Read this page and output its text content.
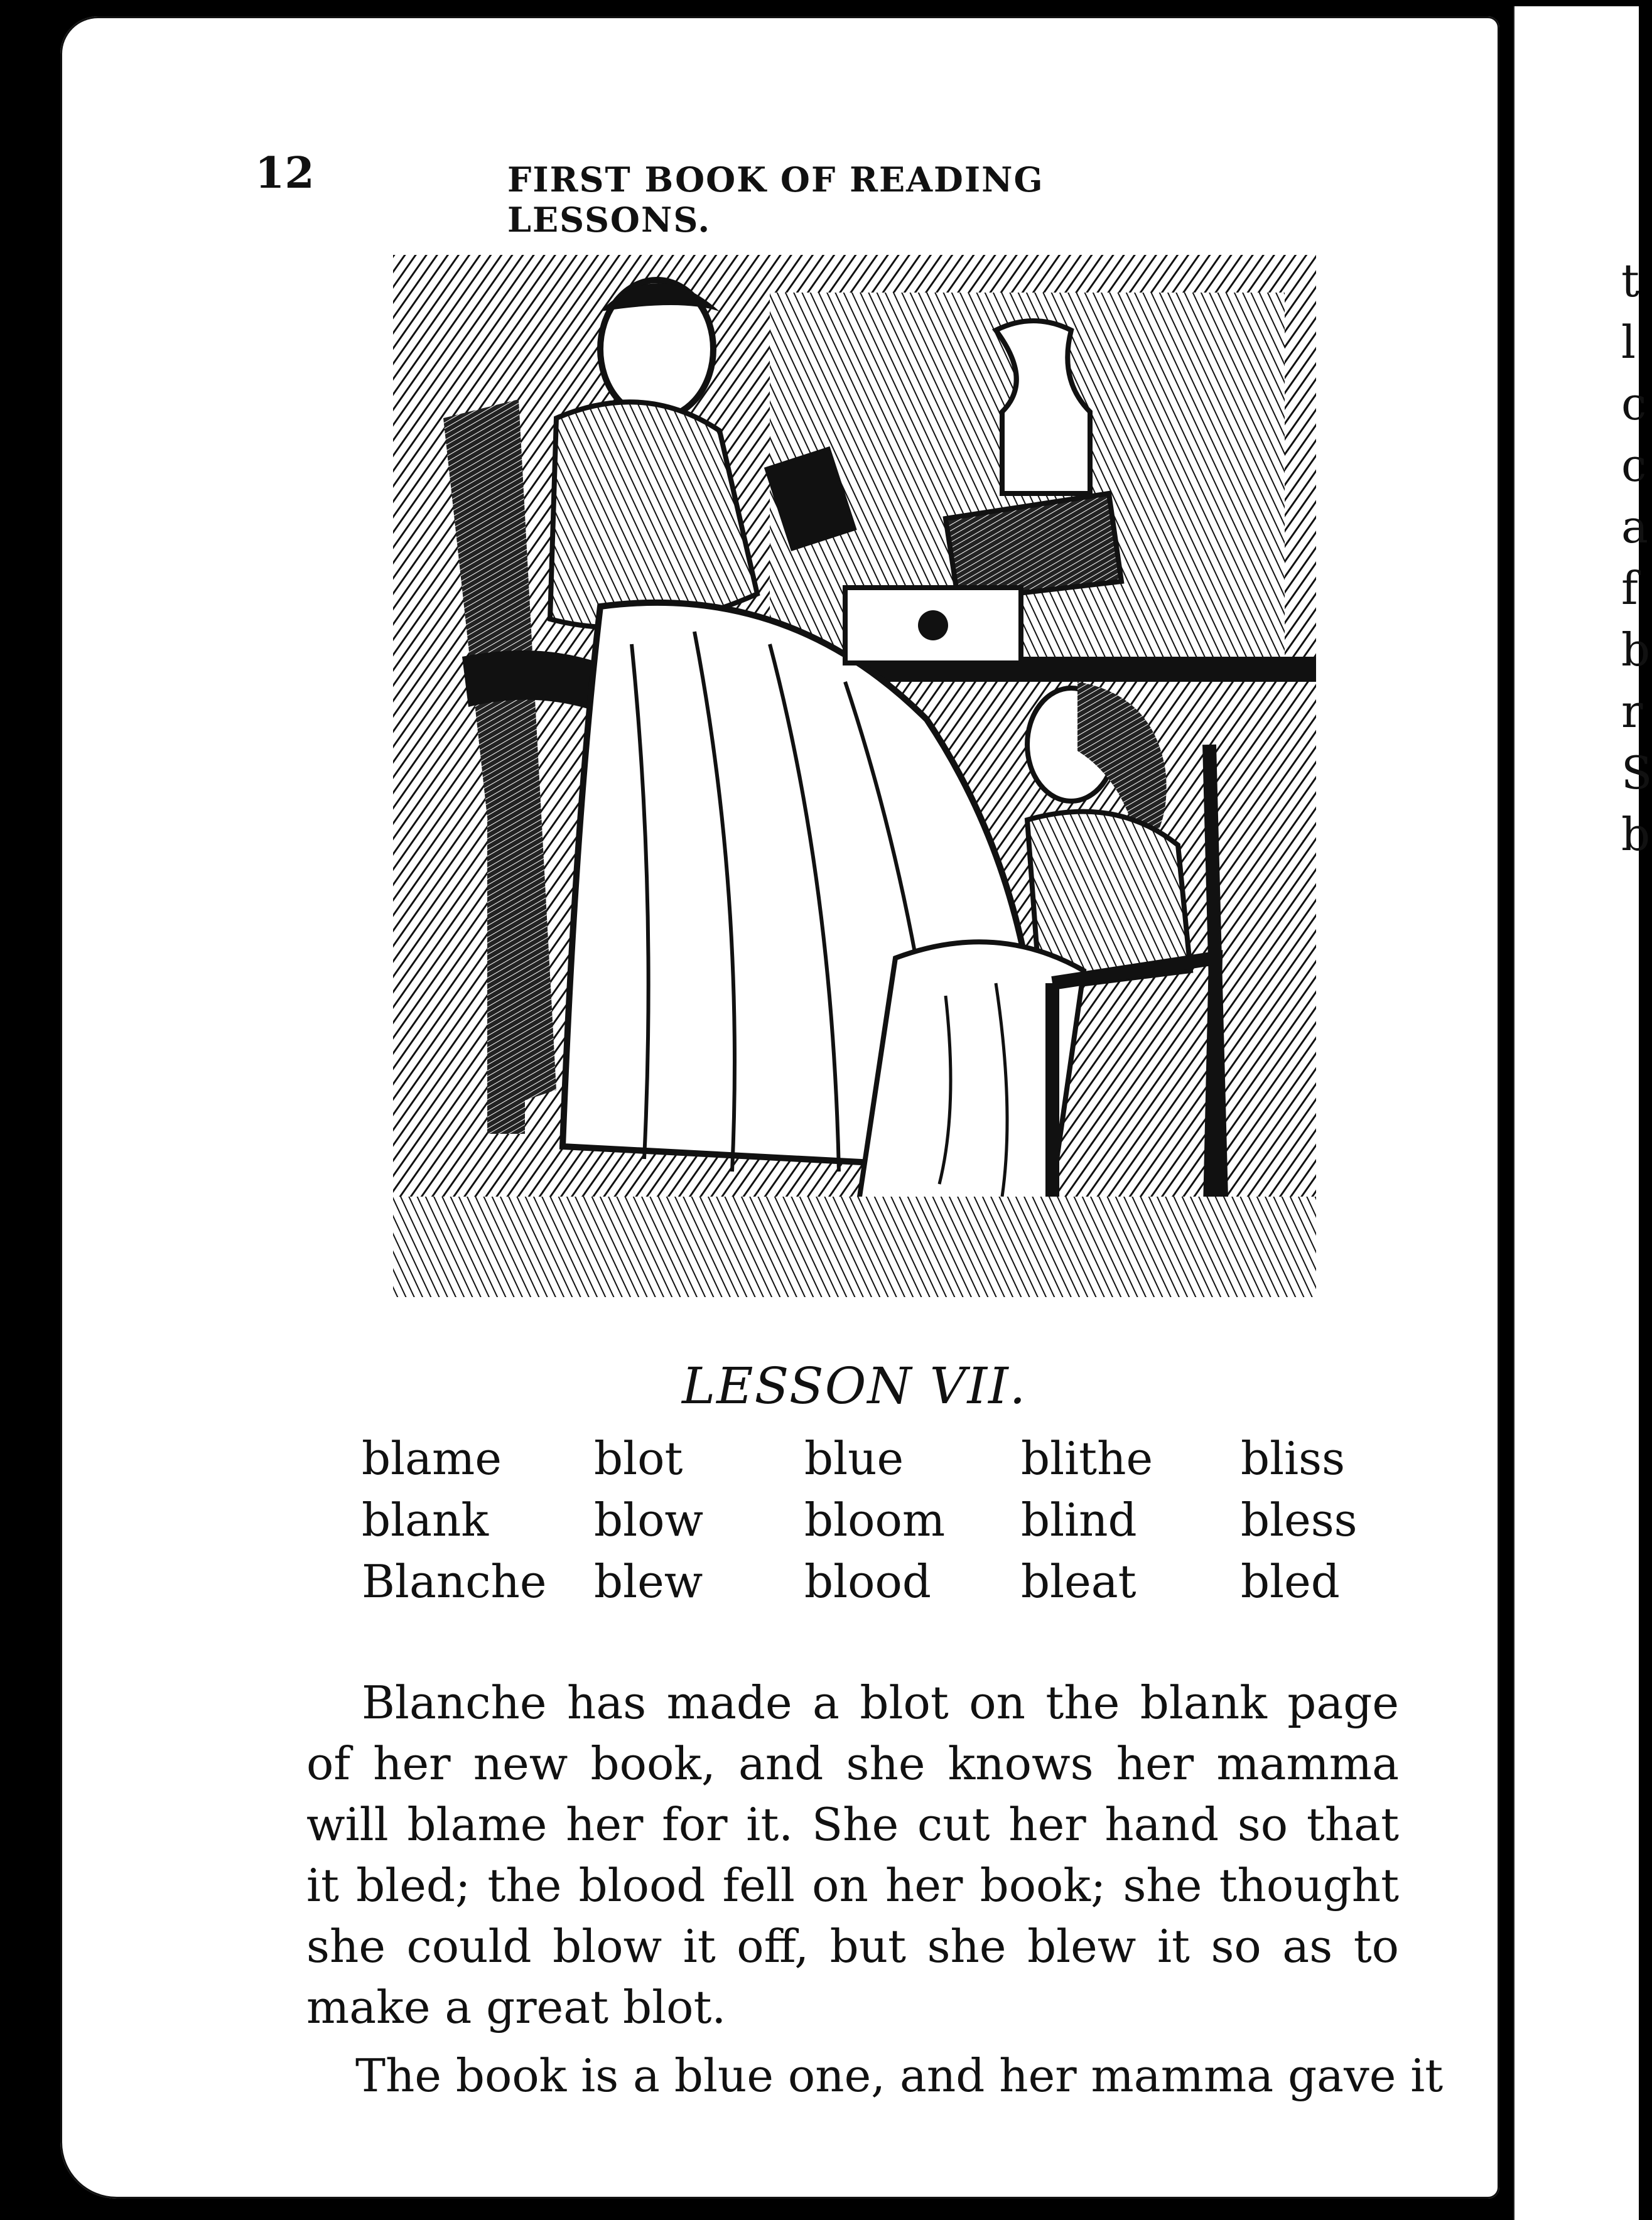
12	FIRST BOOK OF READING LESSONS.
LESSON VII.
blame	blot	blue	blithe	bliss
blank	blow	bloom	blind	bless
Blanche	blew	blood	bleat	bled

Blanche has made a blot on the blank page of her new book, and she knows her mamma will blame her for it. She cut her hand so that it bled; the blood fell on her book; she thought she could blow it off, but she blew it so as to make a great blot.

The book is a blue one, and her mamma gave it

t
l
c
c
a
f
b
r
S
b
